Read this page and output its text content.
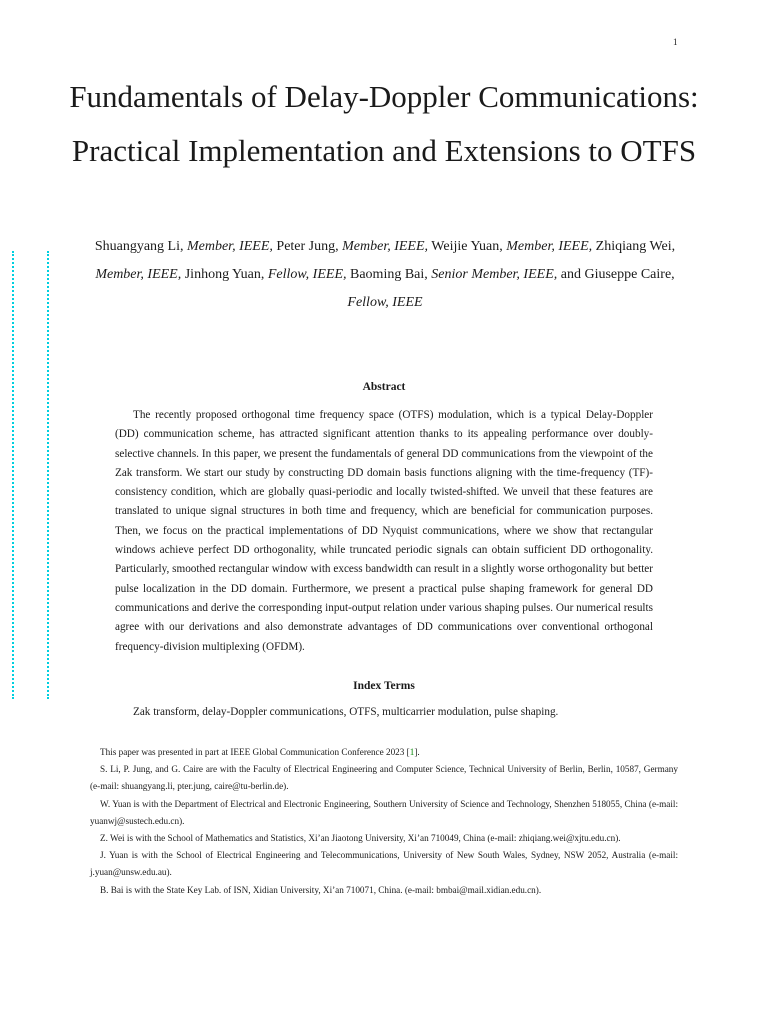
1
Fundamentals of Delay-Doppler Communications: Practical Implementation and Extensions to OTFS
Shuangyang Li, Member, IEEE, Peter Jung, Member, IEEE, Weijie Yuan, Member, IEEE, Zhiqiang Wei, Member, IEEE, Jinhong Yuan, Fellow, IEEE, Baoming Bai, Senior Member, IEEE, and Giuseppe Caire, Fellow, IEEE
Abstract

The recently proposed orthogonal time frequency space (OTFS) modulation, which is a typical Delay-Doppler (DD) communication scheme, has attracted significant attention thanks to its appealing performance over doubly-selective channels. In this paper, we present the fundamentals of general DD communications from the viewpoint of the Zak transform. We start our study by constructing DD domain basis functions aligning with the time-frequency (TF)- consistency condition, which are globally quasi-periodic and locally twisted-shifted. We unveil that these features are translated to unique signal structures in both time and frequency, which are beneficial for communication purposes. Then, we focus on the practical implementations of DD Nyquist communications, where we show that rectangular windows achieve perfect DD orthogonality, while truncated periodic signals can obtain sufficient DD orthogonality. Particularly, smoothed rectangular window with excess bandwidth can result in a slightly worse orthogonality but better pulse localization in the DD domain. Furthermore, we present a practical pulse shaping framework for general DD communications and derive the corresponding input-output relation under various shaping pulses. Our numerical results agree with our derivations and also demonstrate advantages of DD communications over conventional orthogonal frequency-division multiplexing (OFDM).

Index Terms

Zak transform, delay-Doppler communications, OTFS, multicarrier modulation, pulse shaping.

This paper was presented in part at IEEE Global Communication Conference 2023 [1].

S. Li, P. Jung, and G. Caire are with the Faculty of Electrical Engineering and Computer Science, Technical University of Berlin, Berlin, 10587, Germany (e-mail: shuangyang.li, pter.jung, caire@tu-berlin.de).

W. Yuan is with the Department of Electrical and Electronic Engineering, Southern University of Science and Technology, Shenzhen 518055, China (e-mail: yuanwj@sustech.edu.cn).

Z. Wei is with the School of Mathematics and Statistics, Xi’an Jiaotong University, Xi’an 710049, China (e-mail: zhiqiang.wei@xjtu.edu.cn).

J. Yuan is with the School of Electrical Engineering and Telecommunications, University of New South Wales, Sydney, NSW 2052, Australia (e-mail: j.yuan@unsw.edu.au).

B. Bai is with the State Key Lab. of ISN, Xidian University, Xi’an 710071, China. (e-mail: bmbai@mail.xidian.edu.cn).
